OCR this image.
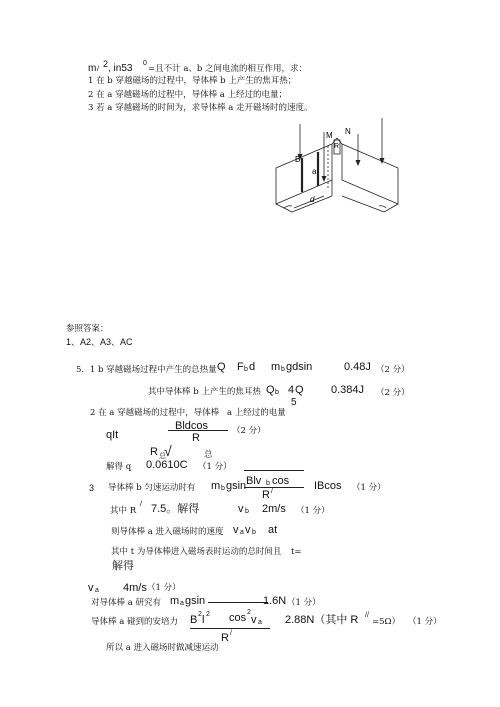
m /
2 , in53 0
=且不计 a、b 之间电流的相互作用，求：
1 在 b 穿越磁场的过程中，导体棒 b 上产生的焦耳热；
2 在 a 穿越磁场的过程中，导体棒 a 上经过的电量；
3 若 a 穿越磁场的时间为，求导体棒 a 走开磁场时的速度。
M N
R
a
B
d
参照答案：
1、A2、A3、AC
5．1 b 穿越磁场过程中产生的总热量 Q F b d m b gdsin	0.48J （2 分）
其中导体棒 b 上产生的焦耳热 Q b 4 Q
5
0.384J （2 分）
2 在 a 穿越磁场的过程中，导体棒 a 上经过的电量
qIt
Bldcos
R
（2 分）
R 总
√	总
解得 q 0.0610C （1 分）
3 导体棒 b 匀速运动时有 m b gsin Blv b cos
R /	IBcos （1 分）
其中 R
/ 7.5。解得	v b 2m/s （1 分）
则导体棒 a 进入磁场时的速度 v a v b at
其中 t 为导体棒进入磁场表时运动的总时间且 t=
解得
v a 4m/s （1 分）
对导体棒 a 研究有 m a gsin	1.6N （1 分）
导体棒 a 碰到的安培力 B 2 l 2 cos 2
v a 2.88N（其中 R //
=5Ω） （1 分）
R /
所以 a 进入磁场时做减速运动
